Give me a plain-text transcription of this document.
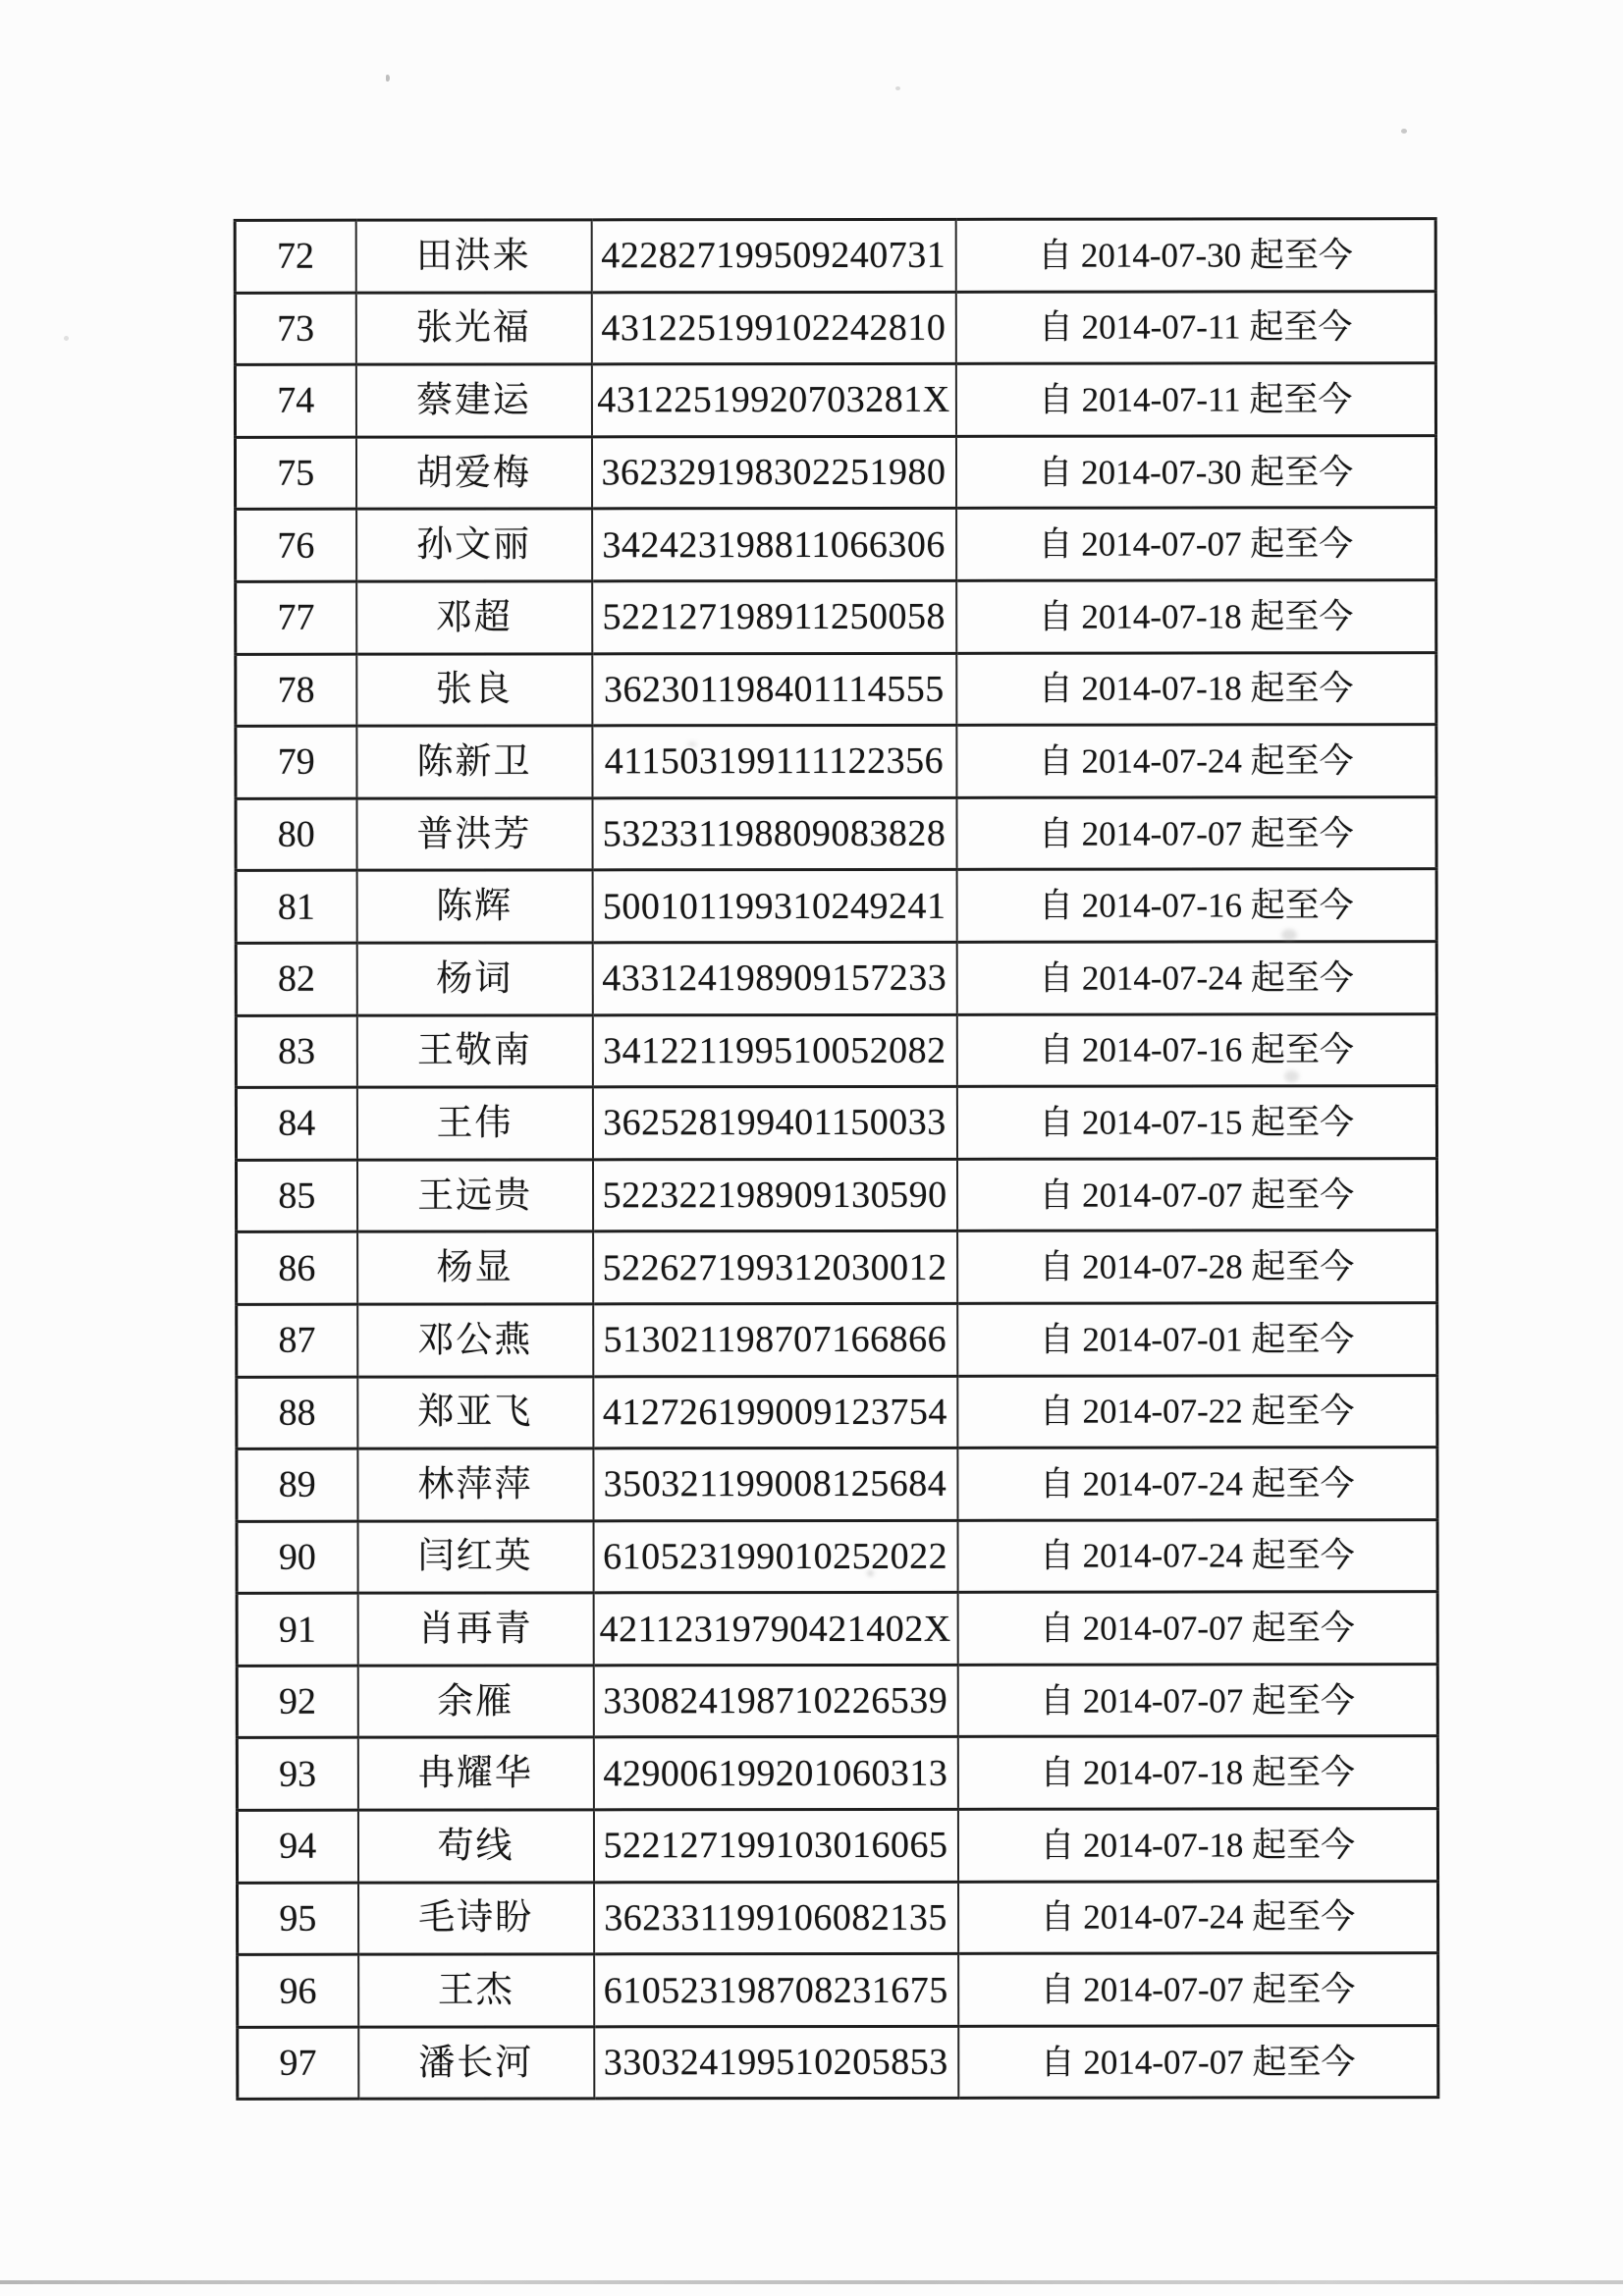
72	田洪来	422827199509240731	自 2014-07-30 起至今
73	张光福	431225199102242810	自 2014-07-11 起至今
74	蔡建运	43122519920703281X	自 2014-07-11 起至今
75	胡爱梅	362329198302251980	自 2014-07-30 起至今
76	孙文丽	342423198811066306	自 2014-07-07 起至今
77	邓超	522127198911250058	自 2014-07-18 起至今
78	张良	362301198401114555	自 2014-07-18 起至今
79	陈新卫	411503199111122356	自 2014-07-24 起至今
80	普洪芳	532331198809083828	自 2014-07-07 起至今
81	陈辉	500101199310249241	自 2014-07-16 起至今
82	杨词	433124198909157233	自 2014-07-24 起至今
83	王敬南	341221199510052082	自 2014-07-16 起至今
84	王伟	362528199401150033	自 2014-07-15 起至今
85	王远贵	522322198909130590	自 2014-07-07 起至今
86	杨显	522627199312030012	自 2014-07-28 起至今
87	邓公燕	513021198707166866	自 2014-07-01 起至今
88	郑亚飞	412726199009123754	自 2014-07-22 起至今
89	林萍萍	350321199008125684	自 2014-07-24 起至今
90	闫红英	610523199010252022	自 2014-07-24 起至今
91	肖再青	42112319790421402X	自 2014-07-07 起至今
92	余雁	330824198710226539	自 2014-07-07 起至今
93	冉耀华	429006199201060313	自 2014-07-18 起至今
94	苟线	522127199103016065	自 2014-07-18 起至今
95	毛诗盼	362331199106082135	自 2014-07-24 起至今
96	王杰	610523198708231675	自 2014-07-07 起至今
97	潘长河	330324199510205853	自 2014-07-07 起至今
